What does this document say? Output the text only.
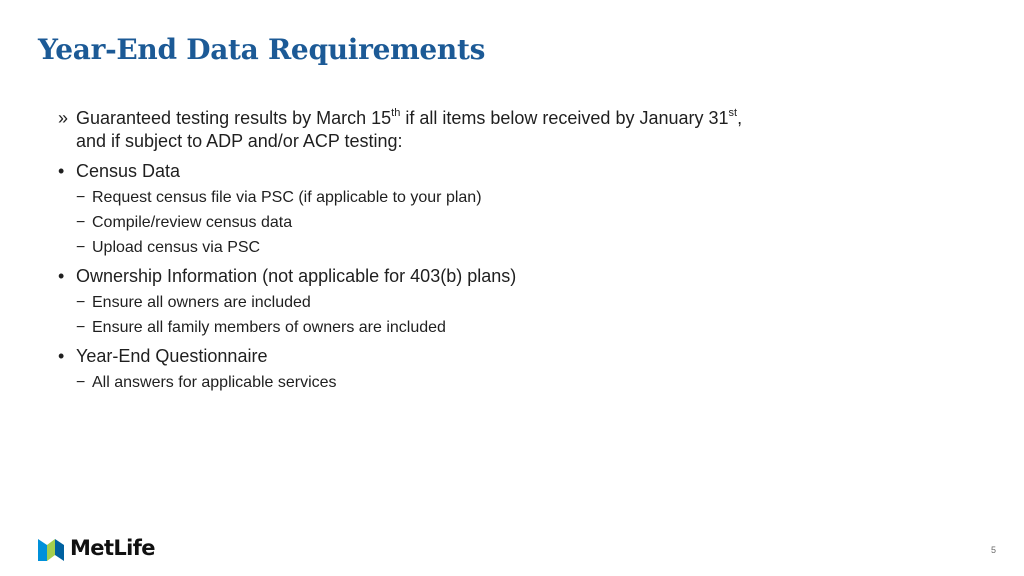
Year-End Data Requirements
» Guaranteed testing results by March 15th if all items below received by January 31st,
and if subject to ADP and/or ACP testing:
• Census Data
− Request census file via PSC (if applicable to your plan)
− Compile/review census data
− Upload census via PSC
• Ownership Information (not applicable for 403(b) plans)
− Ensure all owners are included
− Ensure all family members of owners are included
• Year-End Questionnaire
− All answers for applicable services
MetLife	5
